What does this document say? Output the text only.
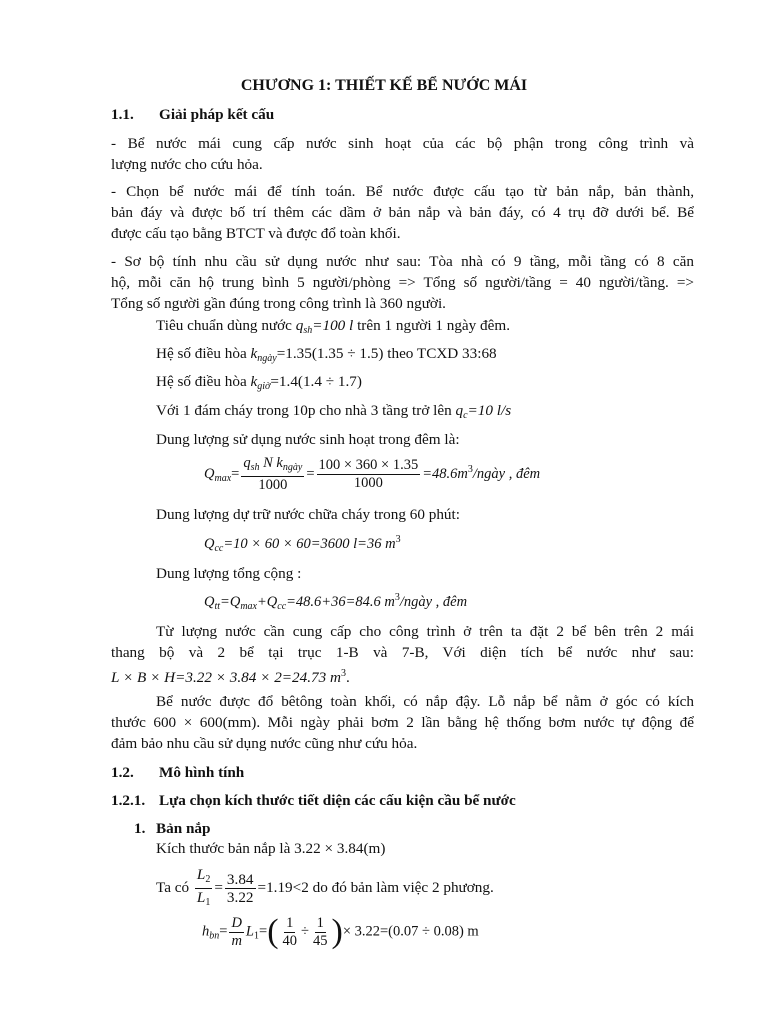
CHƯƠNG 1: THIẾT KẾ BỂ NƯỚC MÁI
1.1. Giải pháp kết cấu
- Bể nước mái cung cấp nước sinh hoạt của các bộ phận trong công trình và
lượng nước cho cứu hỏa.
- Chọn bể nước mái để tính toán. Bể nước được cấu tạo từ bản nắp, bản thành,
bản đáy và được bố trí thêm các dầm ở bản nắp và bản đáy, có 4 trụ đỡ dưới bể. Bể
được cấu tạo bằng BTCT và được đổ toàn khối.
- Sơ bộ tính nhu cầu sử dụng nước như sau: Tòa nhà có 9 tầng, mỗi tầng có 8 căn
hộ, mỗi căn hộ trung bình 5 người/phòng => Tổng số người/tầng = 40 người/tầng. =>
Tổng số người gần đúng trong công trình là 360 người.
Tiêu chuẩn dùng nước $q_{sh}=100$ l trên 1 người 1 ngày đêm.
Hệ số điều hòa $k_{ngày}=1.35(1.35 \div 1.5)$ theo TCXD 33:68
Hệ số điều hòa $k_{giờ}=1.4(1.4 \div 1.7)$
Với 1 đám cháy trong 10p cho nhà 3 tầng trở lên $q_c=10$ l/s
Dung lượng sử dụng nước sinh hoạt trong đêm là:
$Q_{max}= \frac{q_{sh} N k_{ngày}}{1000} = \frac{100 \times 360 \times 1.35}{1000}$ $=48.6m^3$/ngày , đêm
Dung lượng dự trữ nước chữa cháy trong 60 phút:
$Q_{cc}=10 \times 60 \times 60=3600$ l=36 $m^3$
Dung lượng tổng cộng :
$Q_{tt}=Q_{max}+Q_{cc}=48.6+36=84.6$ $m^3$/ngày , đêm
Từ lượng nước cần cung cấp cho công trình ở trên ta đặt 2 bể bên trên 2 mái
thang bộ và 2 bể tại trục 1-B và 7-B, Với diện tích bể nước như sau:
L × B × H=3.22 × 3.84 × 2=24.73 $m^3$.
Bể nước được đổ bêtông toàn khối, có nắp đậy. Lỗ nắp bể nằm ở góc có kích
thước 600 × 600(mm). Mỗi ngày phải bơm 2 lần bằng hệ thống bơm nước tự động để
đảm bảo nhu cầu sử dụng nước cũng như cứu hỏa.
1.2. Mô hình tính
1.2.1. Lựa chọn kích thước tiết diện các cấu kiện cầu bể nước
1. Bản nắp
Kích thước bản nắp là 3.22 × 3.84(m)
Ta có $\frac{L_2}{L_1} = \frac{3.84}{3.22} =1.19<2$ do đó bản làm việc 2 phương.
$h_{bn}= \frac{D}{m} L_1=( \frac{1}{40} \div \frac{1}{45}$ )× 3.22=(0.07 ÷ 0.08) m
